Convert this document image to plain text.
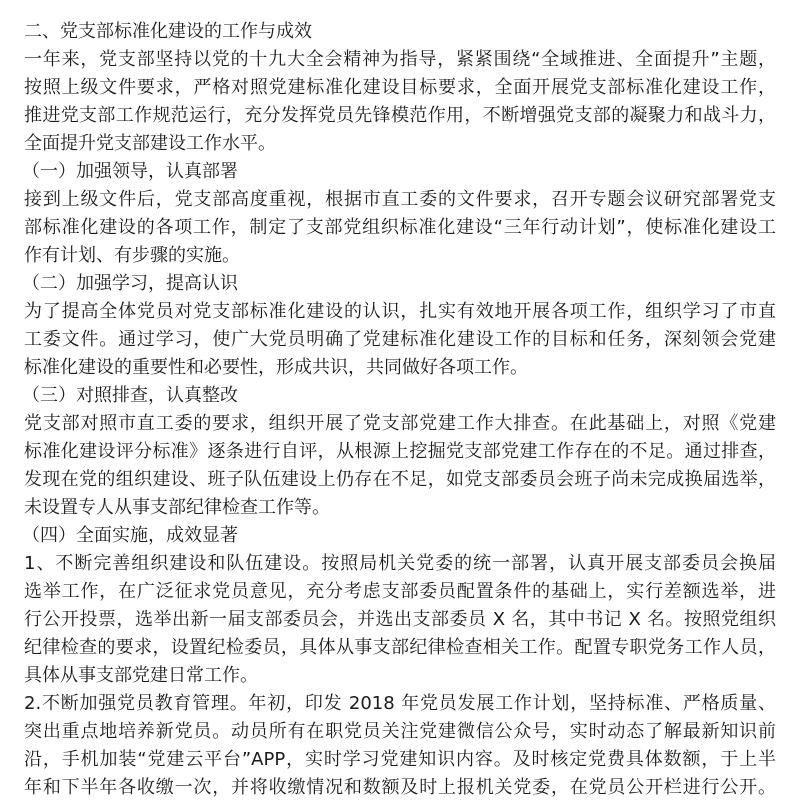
二、党支部标准化建设的工作与成效
一年来，党支部坚持以党的十九大全会精神为指导，紧紧围绕“全域推进、全面提升”主题，
按照上级文件要求，严格对照党建标准化建设目标要求，全面开展党支部标准化建设工作，
推进党支部工作规范运行，充分发挥党员先锋模范作用，不断增强党支部的凝聚力和战斗力，
全面提升党支部建设工作水平。
（一）加强领导，认真部署
接到上级文件后，党支部高度重视，根据市直工委的文件要求，召开专题会议研究部署党支
部标准化建设的各项工作，制定了支部党组织标准化建设“三年行动计划”，使标准化建设工
作有计划、有步骤的实施。
（二）加强学习，提高认识
为了提高全体党员对党支部标准化建设的认识，扎实有效地开展各项工作，组织学习了市直
工委文件。通过学习，使广大党员明确了党建标准化建设工作的目标和任务，深刻领会党建
标准化建设的重要性和必要性，形成共识，共同做好各项工作。
（三）对照排查，认真整改
党支部对照市直工委的要求，组织开展了党支部党建工作大排查。在此基础上，对照《党建
标准化建设评分标准》逐条进行自评，从根源上挖掘党支部党建工作存在的不足。通过排查，
发现在党的组织建设、班子队伍建设上仍存在不足，如党支部委员会班子尚未完成换届选举，
未设置专人从事支部纪律检查工作等。
（四）全面实施，成效显著
1、不断完善组织建设和队伍建设。按照局机关党委的统一部署，认真开展支部委员会换届
选举工作，在广泛征求党员意见，充分考虑支部委员配置条件的基础上，实行差额选举，进
行公开投票，选举出新一届支部委员会，并选出支部委员 X 名，其中书记 X 名。按照党组织
纪律检查的要求，设置纪检委员，具体从事支部纪律检查相关工作。配置专职党务工作人员，
具体从事支部党建日常工作。
2.不断加强党员教育管理。年初，印发 2018 年党员发展工作计划，坚持标准、严格质量、
突出重点地培养新党员。动员所有在职党员关注党建微信公众号，实时动态了解最新知识前
沿，手机加装“党建云平台”APP，实时学习党建知识内容。及时核定党费具体数额，于上半
年和下半年各收缴一次，并将收缴情况和数额及时上报机关党委，在党员公开栏进行公开。
